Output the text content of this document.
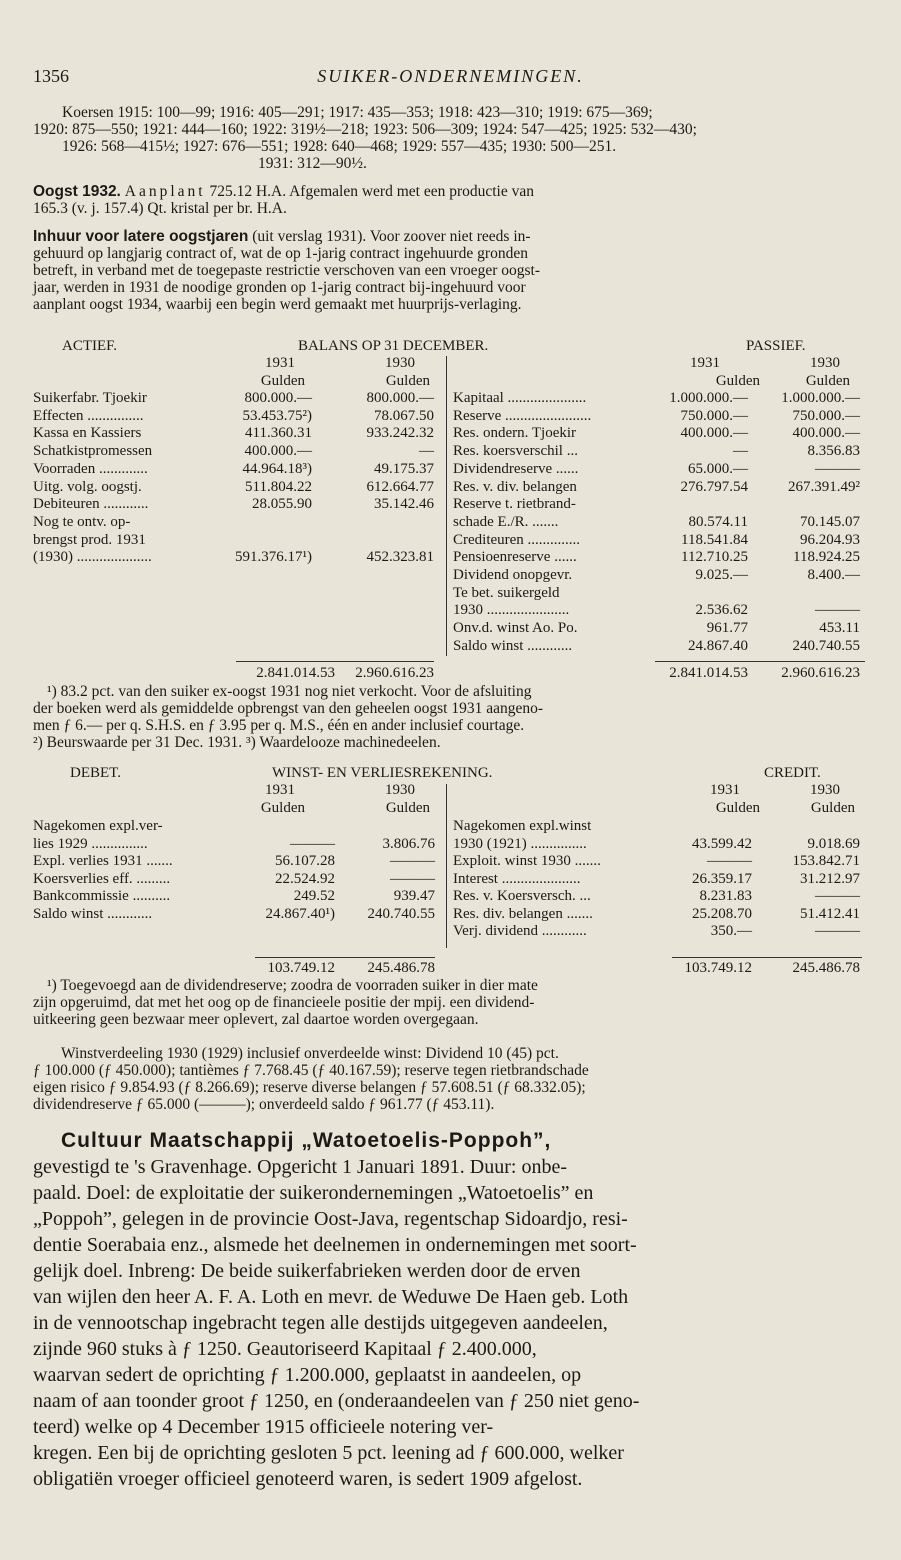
1356	SUIKER-ONDERNEMINGEN.
Koersen 1915: 100—99; 1916: 405—291; 1917: 435—353; 1918: 423—310; 1919: 675—369;
1920: 875—550; 1921: 444—160; 1922: 319½—218; 1923: 506—309; 1924: 547—425; 1925: 532—430;
1926: 568—415½; 1927: 676—551; 1928: 640—468; 1929: 557—435; 1930: 500—251.
1931: 312—90½.
Oogst 1932. Aanplant 725.12 H.A. Afgemalen werd met een productie van
165.3 (v. j. 157.4) Qt. kristal per br. H.A.
Inhuur voor latere oogstjaren (uit verslag 1931). Voor zoover niet reeds in-
gehuurd op langjarig contract of, wat de op 1-jarig contract ingehuurde gronden
betreft, in verband met de toegepaste restrictie verschoven van een vroeger oogst-
jaar, werden in 1931 de noodige gronden op 1-jarig contract bij-ingehuurd voor
aanplant oogst 1934, waarbij een begin werd gemaakt met huurprijs-verlaging.
ACTIEF.	BALANS OP 31 DECEMBER.	PASSIEF.
1931	1930	1931	1930
Gulden	Gulden	Gulden	Gulden
Suikerfabr. Tjoekir	800.000.—	800.000.—
Effecten ...............	53.453.75²)	78.067.50
Kassa en Kassiers	411.360.31	933.242.32
Schatkistpromessen	400.000.—	—
Voorraden .............	44.964.18³)	49.175.37
Uitg. volg. oogstj.	511.804.22	612.664.77
Debiteuren ............	28.055.90	35.142.46
Nog te ontv. op-
brengst prod. 1931
(1930) ....................	591.376.17¹)	452.323.81
Kapitaal .....................	1.000.000.—	1.000.000.—
Reserve .......................	750.000.—	750.000.—
Res. ondern. Tjoekir	400.000.—	400.000.—
Res. koersverschil ...	—	8.356.83
Dividendreserve ......	65.000.—	———
Res. v. div. belangen	276.797.54	267.391.49²
Reserve t. rietbrand-
schade E./R. .......	80.574.11	70.145.07
Crediteuren ..............	118.541.84	96.204.93
Pensioenreserve ......	112.710.25	118.924.25
Dividend onopgevr.	9.025.—	8.400.—
Te bet. suikergeld
1930 ......................	2.536.62	———
Onv.d. winst Ao. Po.	961.77	453.11
Saldo winst ............	24.867.40	240.740.55
2.841.014.53	2.960.616.23	2.841.014.53	2.960.616.23
¹) 83.2 pct. van den suiker ex-oogst 1931 nog niet verkocht. Voor de afsluiting
der boeken werd als gemiddelde opbrengst van den geheelen oogst 1931 aangeno-
men ƒ 6.— per q. S.H.S. en ƒ 3.95 per q. M.S., één en ander inclusief courtage.
²) Beurswaarde per 31 Dec. 1931. ³) Waardelooze machinedeelen.
DEBET.	WINST- EN VERLIESREKENING.	CREDIT.
1931	1930	1931	1930
Gulden	Gulden	Gulden	Gulden
Nagekomen expl.ver-
lies 1929 ...............	———	3.806.76
Expl. verlies 1931 .......	56.107.28	———
Koersverlies eff. .........	22.524.92	———
Bankcommissie ..........	249.52	939.47
Saldo winst ............	24.867.40¹)	240.740.55
Nagekomen expl.winst
1930 (1921) ...............	43.599.42	9.018.69
Exploit. winst 1930 .......	———	153.842.71
Interest .....................	26.359.17	31.212.97
Res. v. Koersversch. ...	8.231.83	———
Res. div. belangen .......	25.208.70	51.412.41
Verj. dividend ............	350.—	———
103.749.12	245.486.78	103.749.12	245.486.78
¹) Toegevoegd aan de dividendreserve; zoodra de voorraden suiker in dier mate
zijn opgeruimd, dat met het oog op de financieele positie der mpij. een dividend-
uitkeering geen bezwaar meer oplevert, zal daartoe worden overgegaan.
Winstverdeeling 1930 (1929) inclusief onverdeelde winst: Dividend 10 (45) pct.
ƒ 100.000 (ƒ 450.000); tantièmes ƒ 7.768.45 (ƒ 40.167.59); reserve tegen rietbrandschade
eigen risico ƒ 9.854.93 (ƒ 8.266.69); reserve diverse belangen ƒ 57.608.51 (ƒ 68.332.05);
dividendreserve ƒ 65.000 (———); onverdeeld saldo ƒ 961.77 (ƒ 453.11).
Cultuur Maatschappij „Watoetoelis-Poppoh”,
gevestigd te 's Gravenhage. Opgericht 1 Januari 1891. Duur: onbe-
paald. Doel: de exploitatie der suikerondernemingen „Watoetoelis” en
„Poppoh”, gelegen in de provincie Oost-Java, regentschap Sidoardjo, resi-
dentie Soerabaia enz., alsmede het deelnemen in ondernemingen met soort-
gelijk doel. Inbreng: De beide suikerfabrieken werden door de erven
van wijlen den heer A. F. A. Loth en mevr. de Weduwe De Haen geb. Loth
in de vennootschap ingebracht tegen alle destijds uitgegeven aandeelen,
zijnde 960 stuks à ƒ 1250. Geautoriseerd Kapitaal ƒ 2.400.000,
waarvan sedert de oprichting ƒ 1.200.000, geplaatst in aandeelen, op
naam of aan toonder groot ƒ 1250, en (onderaandeelen van ƒ 250 niet geno-
teerd) welke op 4 December 1915 officieele notering ver-
kregen. Een bij de oprichting gesloten 5 pct. leening ad ƒ 600.000, welker
obligatiën vroeger officieel genoteerd waren, is sedert 1909 afgelost.
